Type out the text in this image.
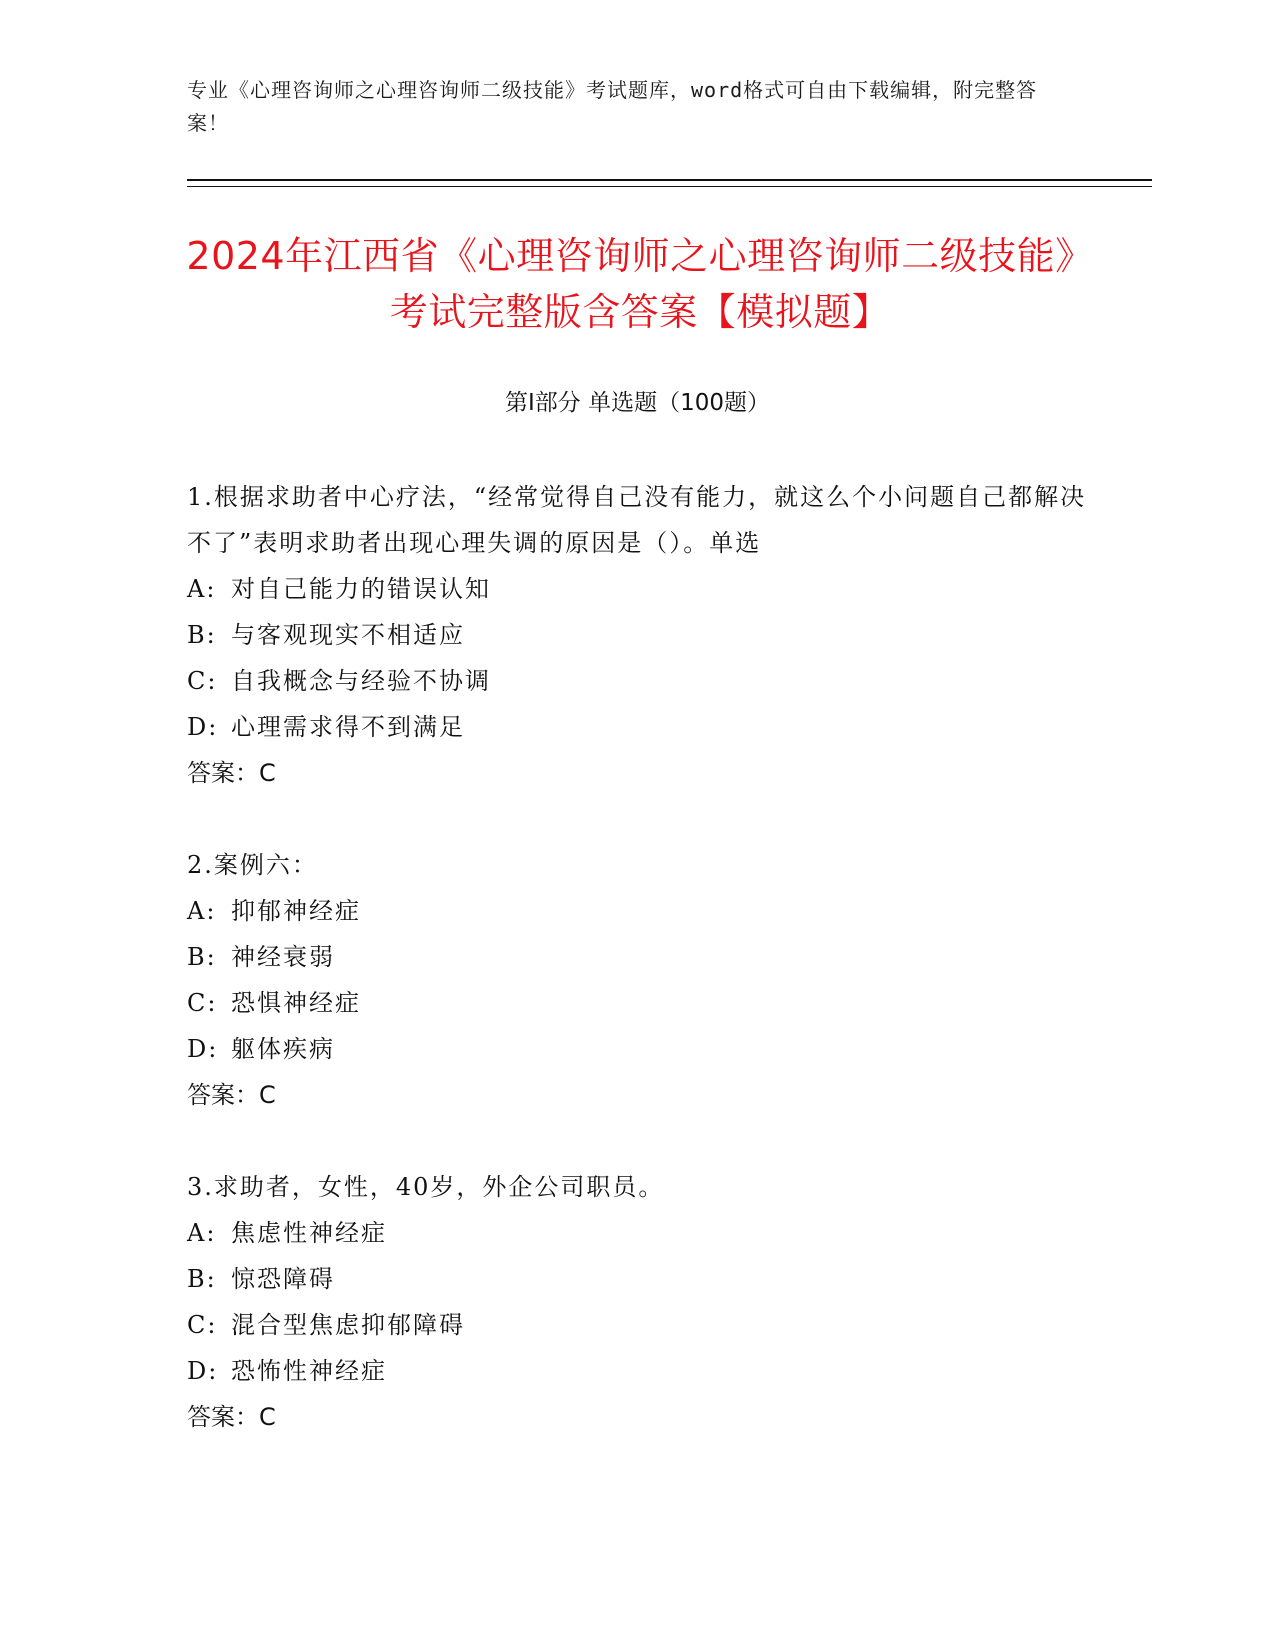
专业《心理咨询师之心理咨询师二级技能》考试题库，word格式可自由下载编辑，附完整答案！
2024年江西省《心理咨询师之心理咨询师二级技能》考试完整版含答案【模拟题】
第Ⅰ部分 单选题（100题）
1.根据求助者中心疗法，“经常觉得自己没有能力，就这么个小问题自己都解决不了”表明求助者出现心理失调的原因是（）。单选
A: 对自己能力的错误认知
B: 与客观现实不相适应
C: 自我概念与经验不协调
D: 心理需求得不到满足
答案：C
2.案例六：
A: 抑郁神经症
B: 神经衰弱
C: 恐惧神经症
D: 躯体疾病
答案：C
3.求助者，女性，40岁，外企公司职员。
A: 焦虑性神经症
B: 惊恐障碍
C: 混合型焦虑抑郁障碍
D: 恐怖性神经症
答案：C
